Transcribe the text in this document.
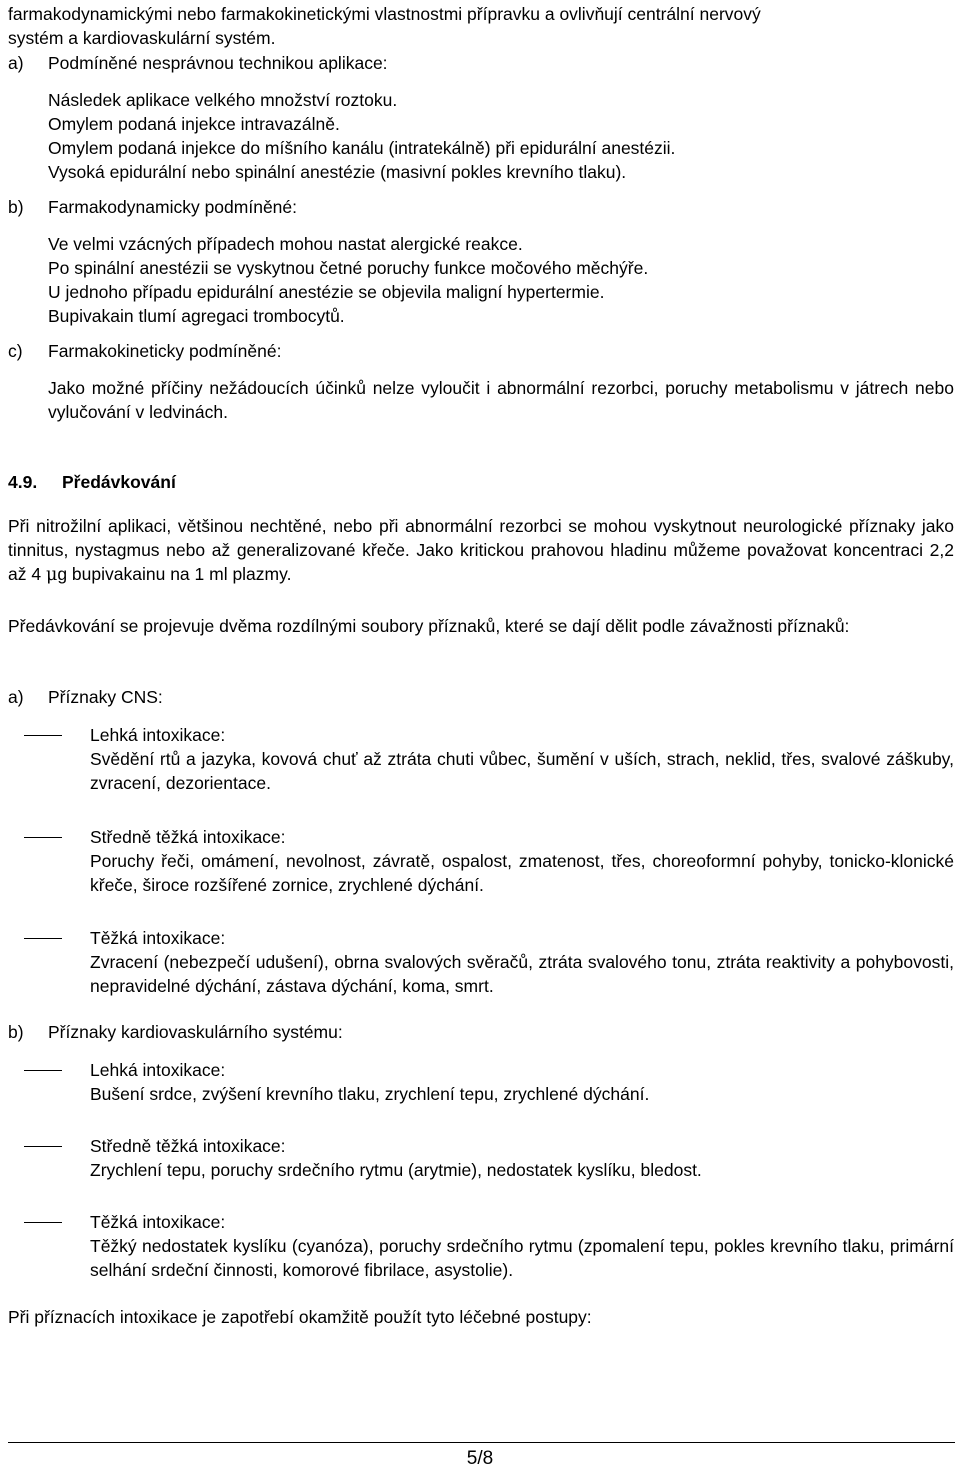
farmakodynamickými nebo farmakokinetickými vlastnostmi přípravku a ovlivňují centrální nervový
systém a kardiovaskulární systém.
a) Podmíněné nesprávnou technikou aplikace:
Následek aplikace velkého množství roztoku.
Omylem podaná injekce intravazálně.
Omylem podaná injekce do míšního kanálu (intratekálně) při epidurální anestézii.
Vysoká epidurální nebo spinální anestézie (masivní pokles krevního tlaku).
b) Farmakodynamicky podmíněné:
Ve velmi vzácných případech mohou nastat alergické reakce.
Po spinální anestézii se vyskytnou četné poruchy funkce močového měchýře.
U jednoho případu epidurální anestézie se objevila maligní hypertermie.
Bupivakain tlumí agregaci trombocytů.
c) Farmakokineticky podmíněné:
Jako možné příčiny nežádoucích účinků nelze vyloučit i abnormální rezorbci, poruchy metabolismu v játrech nebo vylučování v ledvinách.
4.9. Předávkování
Při nitrožilní aplikaci, většinou nechtěné, nebo při abnormální rezorbci se mohou vyskytnout neurologické příznaky jako tinnitus, nystagmus nebo až generalizované křeče. Jako kritickou prahovou hladinu můžeme považovat koncentraci 2,2 až 4 μg bupivakainu na 1 ml plazmy.
Předávkování se projevuje dvěma rozdílnými soubory příznaků, které se dají dělit podle závažnosti příznaků:
a) Příznaky CNS:
Lehká intoxikace:
Svědění rtů a jazyka, kovová chuť až ztráta chuti vůbec, šumění v uších, strach, neklid, třes, svalové záškuby, zvracení, dezorientace.
Středně těžká intoxikace:
Poruchy řeči, omámení, nevolnost, závratě, ospalost, zmatenost, třes, choreoformní pohyby, tonicko-klonické křeče, široce rozšířené zornice, zrychlené dýchání.
Těžká intoxikace:
Zvracení (nebezpečí udušení), obrna svalových svěračů, ztráta svalového tonu, ztráta reaktivity a pohybovosti, nepravidelné dýchání, zástava dýchání, koma, smrt.
b) Příznaky kardiovaskulárního systému:
Lehká intoxikace:
Bušení srdce, zvýšení krevního tlaku, zrychlení tepu, zrychlené dýchání.
Středně těžká intoxikace:
Zrychlení tepu, poruchy srdečního rytmu (arytmie), nedostatek kyslíku, bledost.
Těžká intoxikace:
Těžký nedostatek kyslíku (cyanóza), poruchy srdečního rytmu (zpomalení tepu, pokles krevního tlaku, primární selhání srdeční činnosti, komorové fibrilace, asystolie).
Při příznacích intoxikace je zapotřebí okamžitě použít tyto léčebné postupy:
5/8
